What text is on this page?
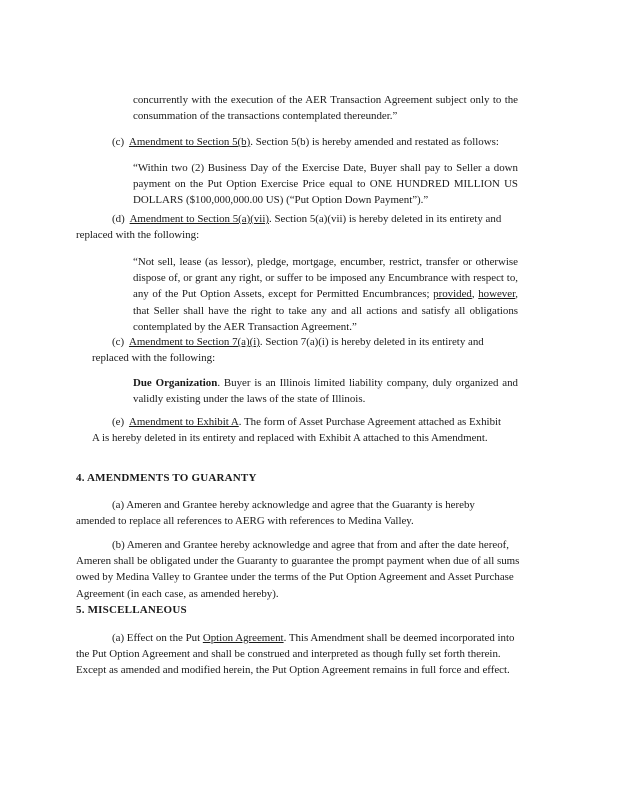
concurrently with the execution of the AER Transaction Agreement subject only to the consummation of the transactions contemplated thereunder.”

(c) Amendment to Section 5(b). Section 5(b) is hereby amended and restated as follows:

“Within two (2) Business Day of the Exercise Date, Buyer shall pay to Seller a down payment on the Put Option Exercise Price equal to ONE HUNDRED MILLION US DOLLARS ($100,000,000.00 US) (“Put Option Down Payment”).”

(d) Amendment to Section 5(a)(vii). Section 5(a)(vii) is hereby deleted in its entirety and replaced with the following:

“Not sell, lease (as lessor), pledge, mortgage, encumber, restrict, transfer or otherwise dispose of, or grant any right, or suffer to be imposed any Encumbrance with respect to, any of the Put Option Assets, except for Permitted Encumbrances; provided, however, that Seller shall have the right to take any and all actions and satisfy all obligations contemplated by the AER Transaction Agreement.”

(c) Amendment to Section 7(a)(i). Section 7(a)(i) is hereby deleted in its entirety and replaced with the following:

Due Organization. Buyer is an Illinois limited liability company, duly organized and validly existing under the laws of the state of Illinois.

(e) Amendment to Exhibit A. The form of Asset Purchase Agreement attached as Exhibit A is hereby deleted in its entirety and replaced with Exhibit A attached to this Amendment.

4. AMENDMENTS TO GUARANTY

(a) Ameren and Grantee hereby acknowledge and agree that the Guaranty is hereby amended to replace all references to AERG with references to Medina Valley.

(b) Ameren and Grantee hereby acknowledge and agree that from and after the date hereof, Ameren shall be obligated under the Guaranty to guarantee the prompt payment when due of all sums owed by Medina Valley to Grantee under the terms of the Put Option Agreement and Asset Purchase Agreement (in each case, as amended hereby).

5. MISCELLANEOUS

(a) Effect on the Put Option Agreement. This Amendment shall be deemed incorporated into the Put Option Agreement and shall be construed and interpreted as though fully set forth therein. Except as amended and modified herein, the Put Option Agreement remains in full force and effect.
